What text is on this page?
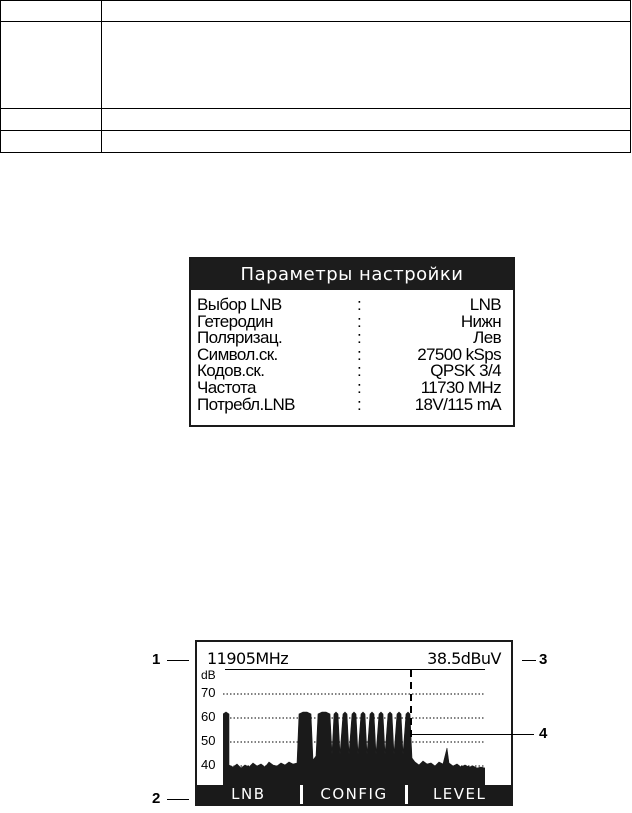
Параметры настройки
Выбор LNB	:	LNB
Гетеродин	:	Нижн
Поляризац.	:	Лев
Символ.ск.	:	27500 kSps
Кодов.ск.	:	QPSK 3/4
Частота	:	11730 MHz
Потребл.LNB	:	18V/115 mA
11905MHz	38.5dBuV
dB
70
60
50
40
LNB	CONFIG	LEVEL
1
2
3
4
